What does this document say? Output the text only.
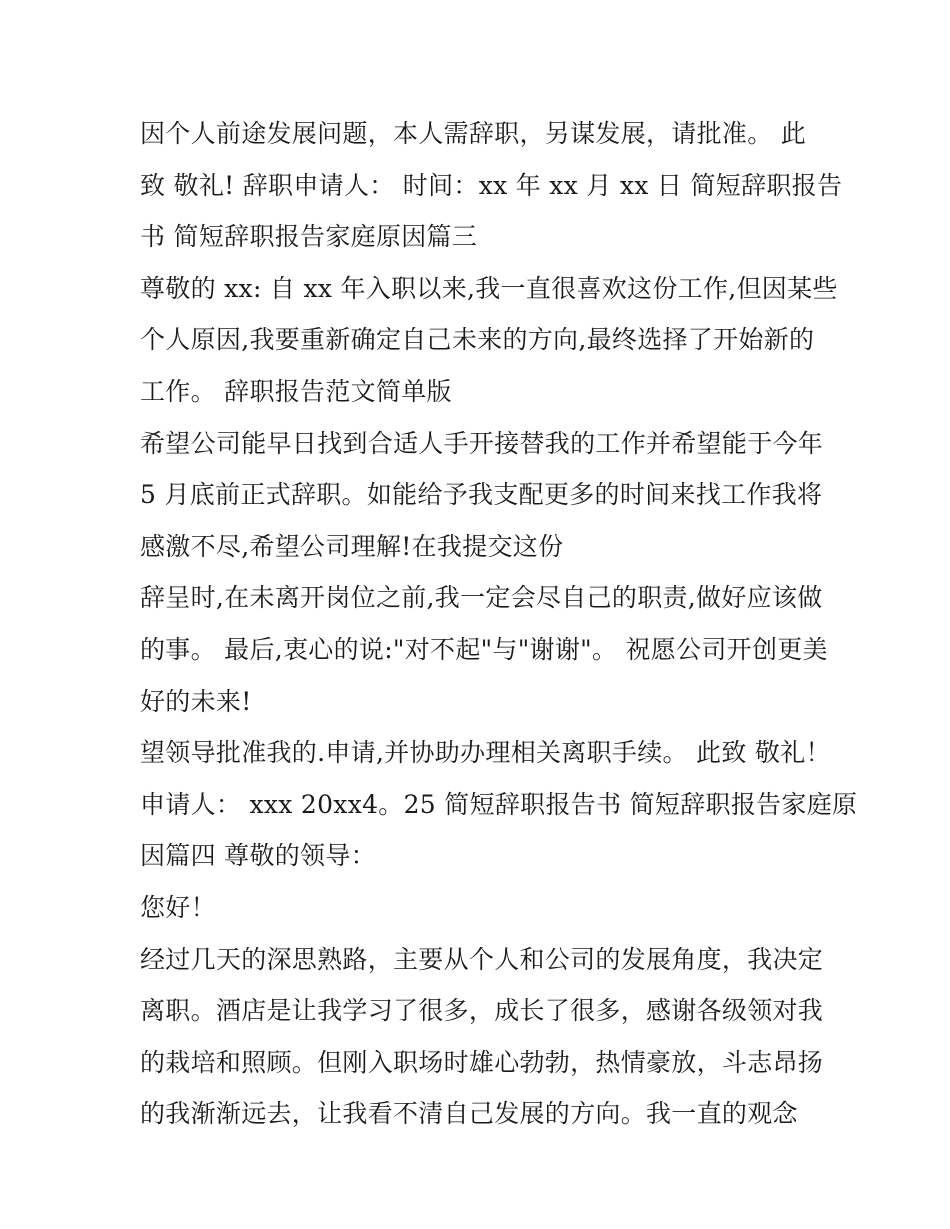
因个人前途发展问题，本人需辞职，另谋发展，请批准。 此
致 敬礼! 辞职申请人： 时间：xx 年 xx 月 xx 日 简短辞职报告
书 简短辞职报告家庭原因篇三
尊敬的 xx: 自 xx 年入职以来,我一直很喜欢这份工作,但因某些
个人原因,我要重新确定自己未来的方向,最终选择了开始新的
工作。 辞职报告范文简单版
希望公司能早日找到合适人手开接替我的工作并希望能于今年
5 月底前正式辞职。如能给予我支配更多的时间来找工作我将
感激不尽,希望公司理解!在我提交这份
辞呈时,在未离开岗位之前,我一定会尽自己的职责,做好应该做
的事。 最后,衷心的说:"对不起"与"谢谢"。 祝愿公司开创更美
好的未来!
望领导批准我的.申请,并协助办理相关离职手续。 此致 敬礼！
申请人： xxx 20xx4。25 简短辞职报告书 简短辞职报告家庭原
因篇四 尊敬的领导：
您好！
经过几天的深思熟路，主要从个人和公司的发展角度，我决定
离职。酒店是让我学习了很多，成长了很多，感谢各级领对我
的栽培和照顾。但刚入职场时雄心勃勃，热情豪放，斗志昂扬
的我渐渐远去，让我看不清自己发展的方向。我一直的观念
